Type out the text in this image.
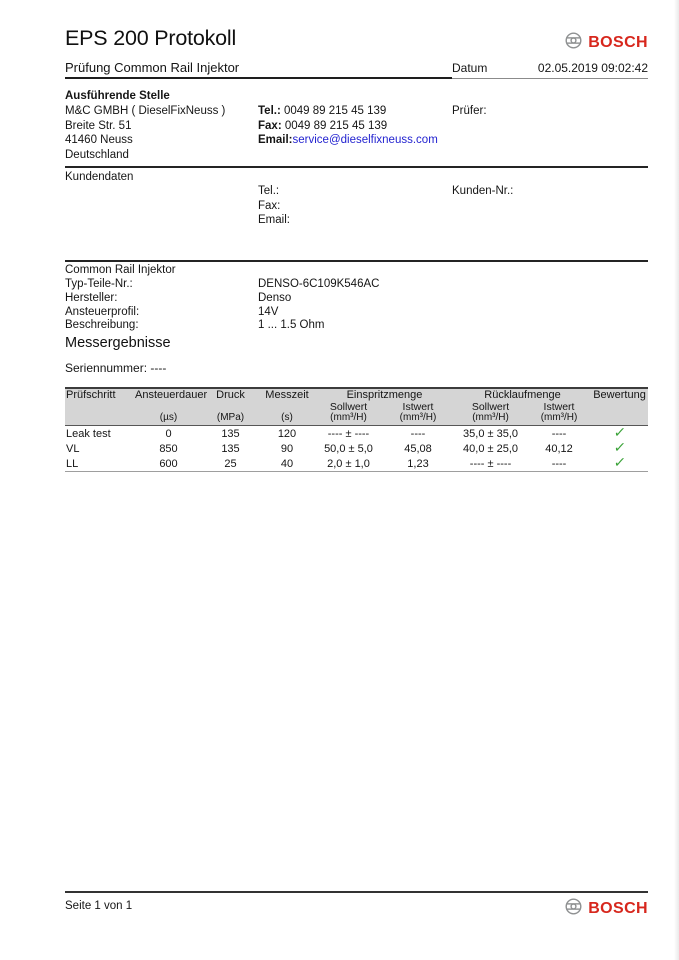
EPS 200 Protokoll	BOSCH
Prüfung Common Rail Injektor	Datum	02.05.2019 09:02:42
Ausführende Stelle
M&C GMBH ( DieselFixNeuss )
Breite Str. 51
41460 Neuss
Deutschland
Tel.: 0049 89 215 45 139
Fax: 0049 89 215 45 139
Email:service@dieselfixneuss.com
Prüfer:
Kundendaten
Tel.:
Fax:
Email:
Kunden-Nr.:
Common Rail Injektor
Typ-Teile-Nr.:	DENSO-6C109K546AC
Hersteller:	Denso
Ansteuerprofil:	14V
Beschreibung:	1 ... 1.5 Ohm
Messergebnisse
Seriennummer: ----
Prüfschritt	Ansteuerdauer	Druck	Messzeit	Einspritzmenge		Rücklaufmenge		Bewertung
				Sollwert	Istwert	Sollwert	Istwert	
	(µs)	(MPa)	(s)	(mm³/H)	(mm³/H)	(mm³/H)	(mm³/H)	
Leak test	0	135	120	---- ± ----	----	35,0 ± 35,0	----	✓
VL	850	135	90	50,0 ± 5,0	45,08	40,0 ± 25,0	40,12	✓
LL	600	25	40	2,0 ± 1,0	1,23	---- ± ----	----	✓
Seite 1 von 1	BOSCH
